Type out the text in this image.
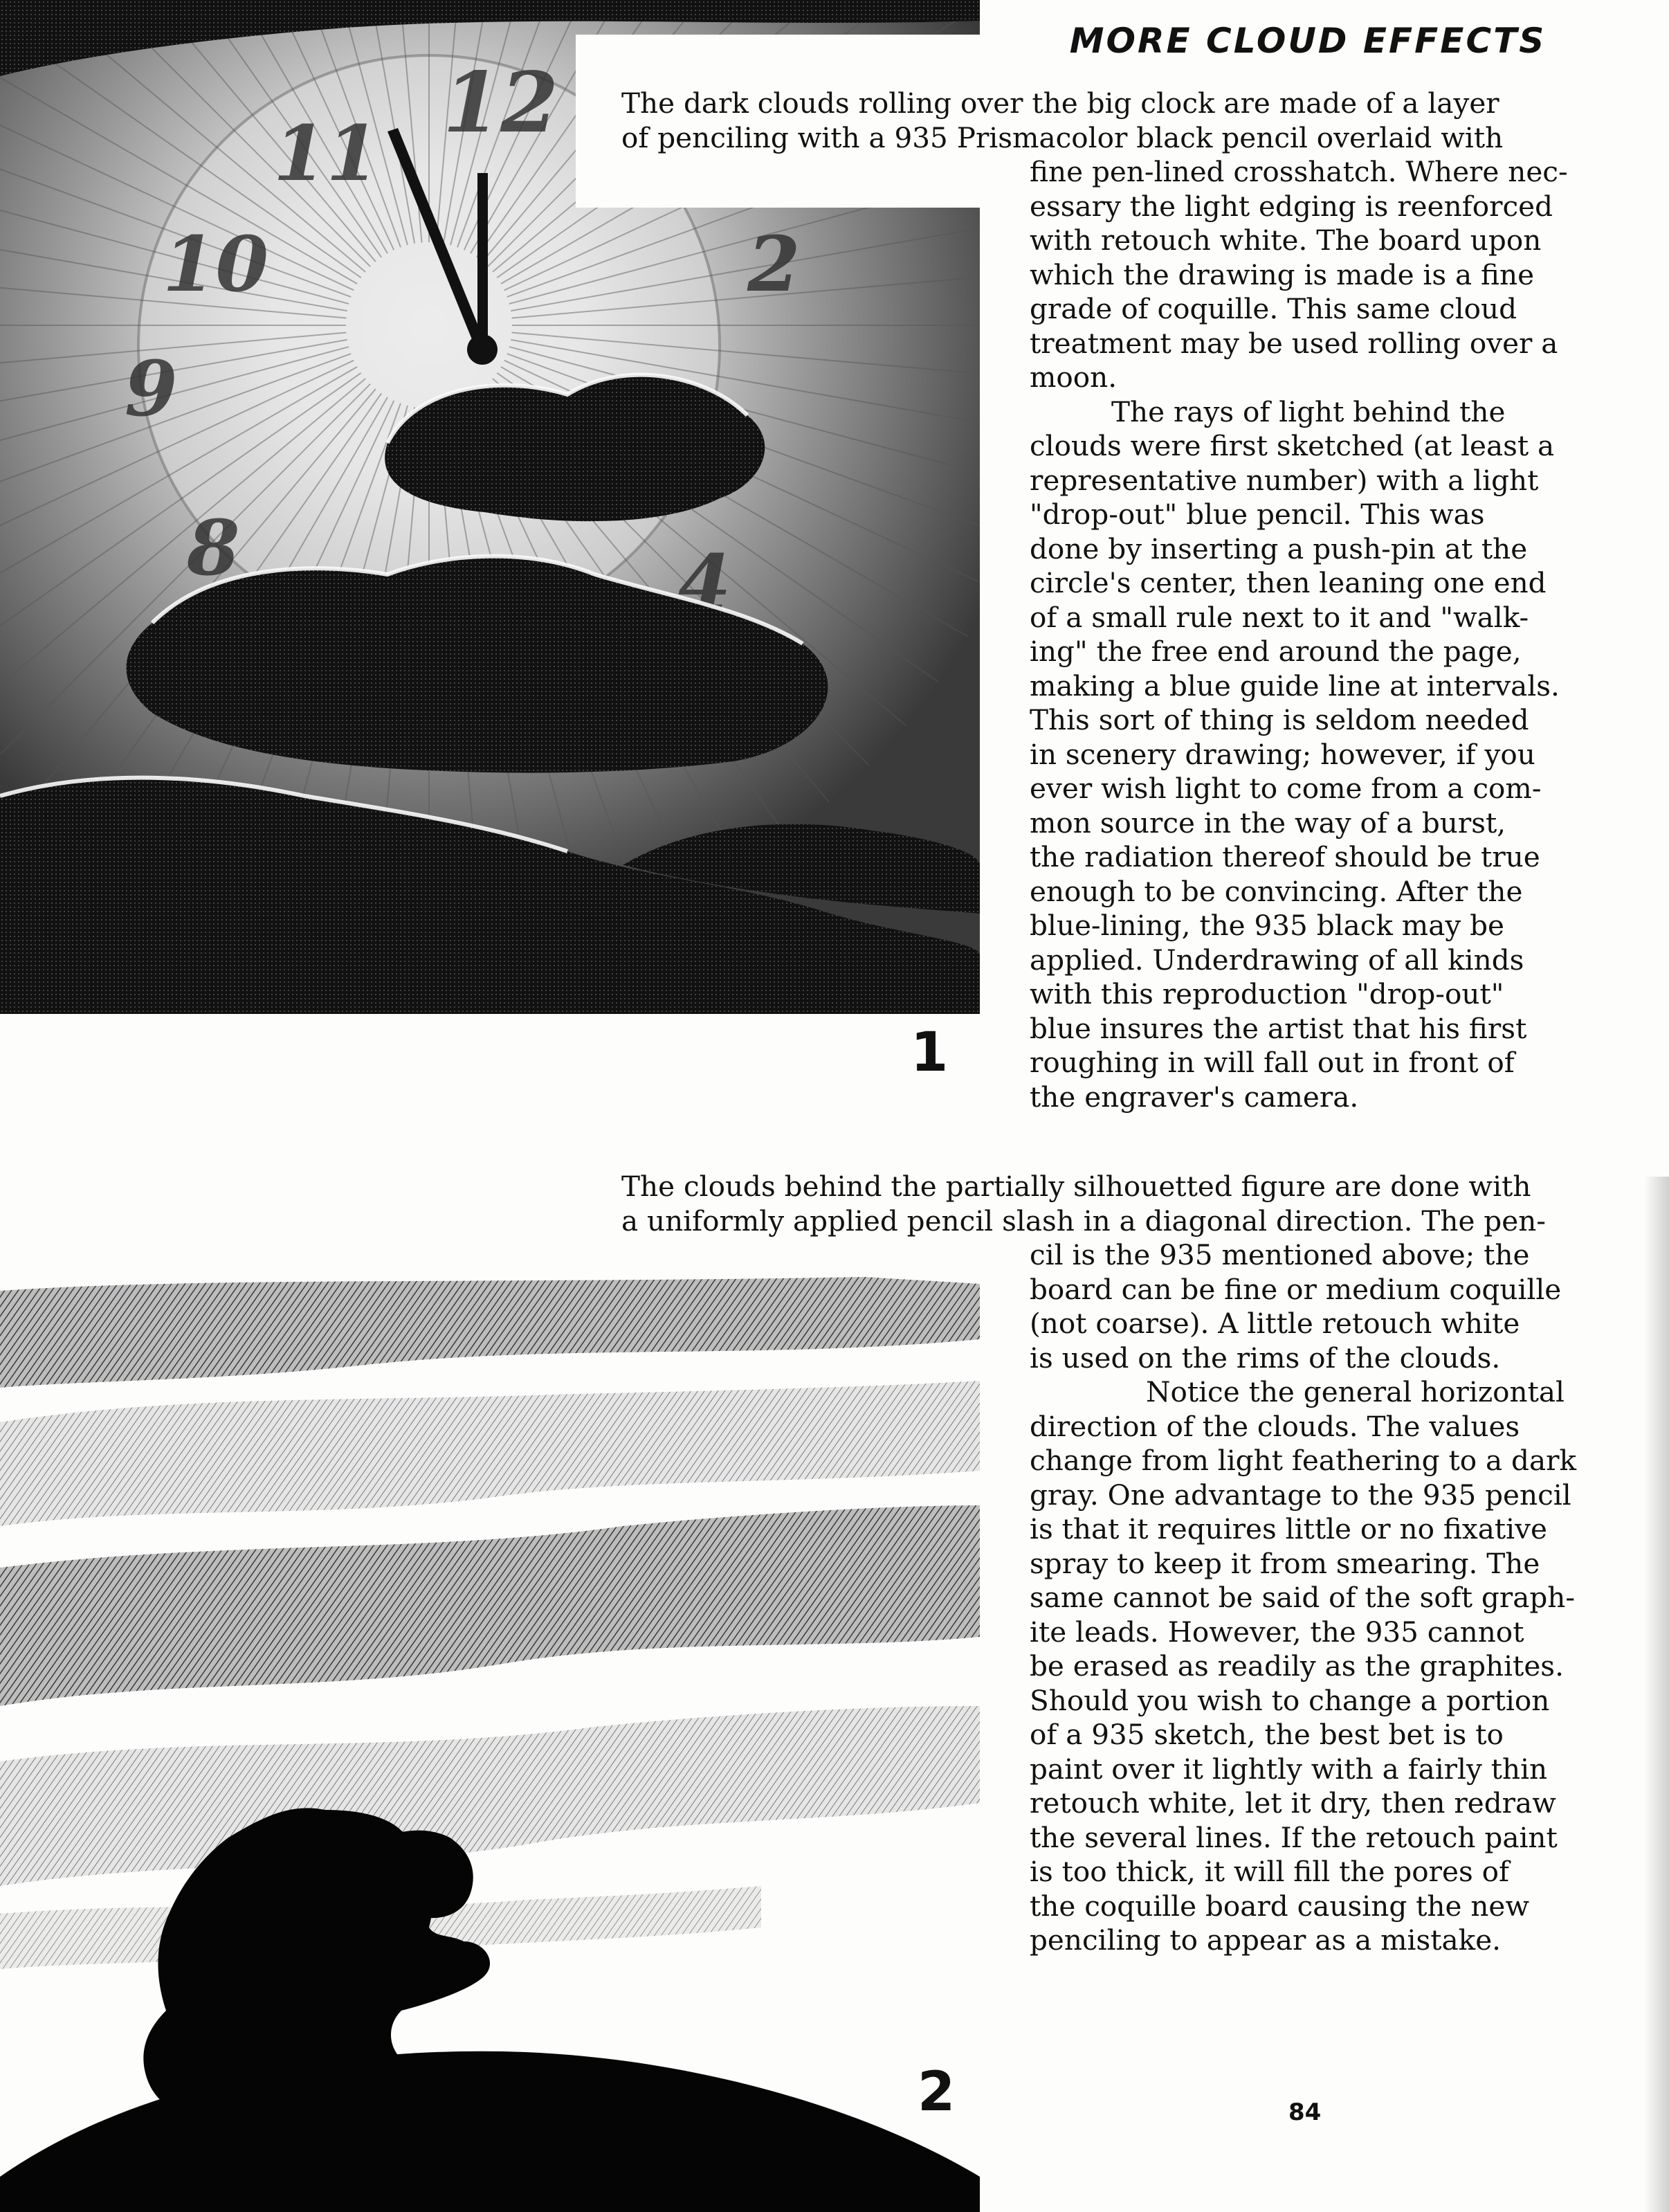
12
11
10
9
8
2
4
MORE CLOUD EFFECTS
The dark clouds rolling over the big clock are made of a layer
of penciling with a 935 Prismacolor black pencil overlaid with
fine pen-lined crosshatch. Where nec-
essary the light edging is reenforced
with retouch white. The board upon
which the drawing is made is a fine
grade of coquille. This same cloud
treatment may be used rolling over a
moon.
The rays of light behind the
clouds were first sketched (at least a
representative number) with a light
"drop-out" blue pencil. This was
done by inserting a push-pin at the
circle's center, then leaning one end
of a small rule next to it and "walk-
ing" the free end around the page,
making a blue guide line at intervals.
This sort of thing is seldom needed
in scenery drawing; however, if you
ever wish light to come from a com-
mon source in the way of a burst,
the radiation thereof should be true
enough to be convincing. After the
blue-lining, the 935 black may be
applied. Underdrawing of all kinds
with this reproduction "drop-out"
blue insures the artist that his first
roughing in will fall out in front of
the engraver's camera.
1
The clouds behind the partially silhouetted figure are done with
a uniformly applied pencil slash in a diagonal direction. The pen-
cil is the 935 mentioned above; the
board can be fine or medium coquille
(not coarse). A little retouch white
is used on the rims of the clouds.
Notice the general horizontal
direction of the clouds. The values
change from light feathering to a dark
gray. One advantage to the 935 pencil
is that it requires little or no fixative
spray to keep it from smearing. The
same cannot be said of the soft graph-
ite leads. However, the 935 cannot
be erased as readily as the graphites.
Should you wish to change a portion
of a 935 sketch, the best bet is to
paint over it lightly with a fairly thin
retouch white, let it dry, then redraw
the several lines. If the retouch paint
is too thick, it will fill the pores of
the coquille board causing the new
penciling to appear as a mistake.
2	84
